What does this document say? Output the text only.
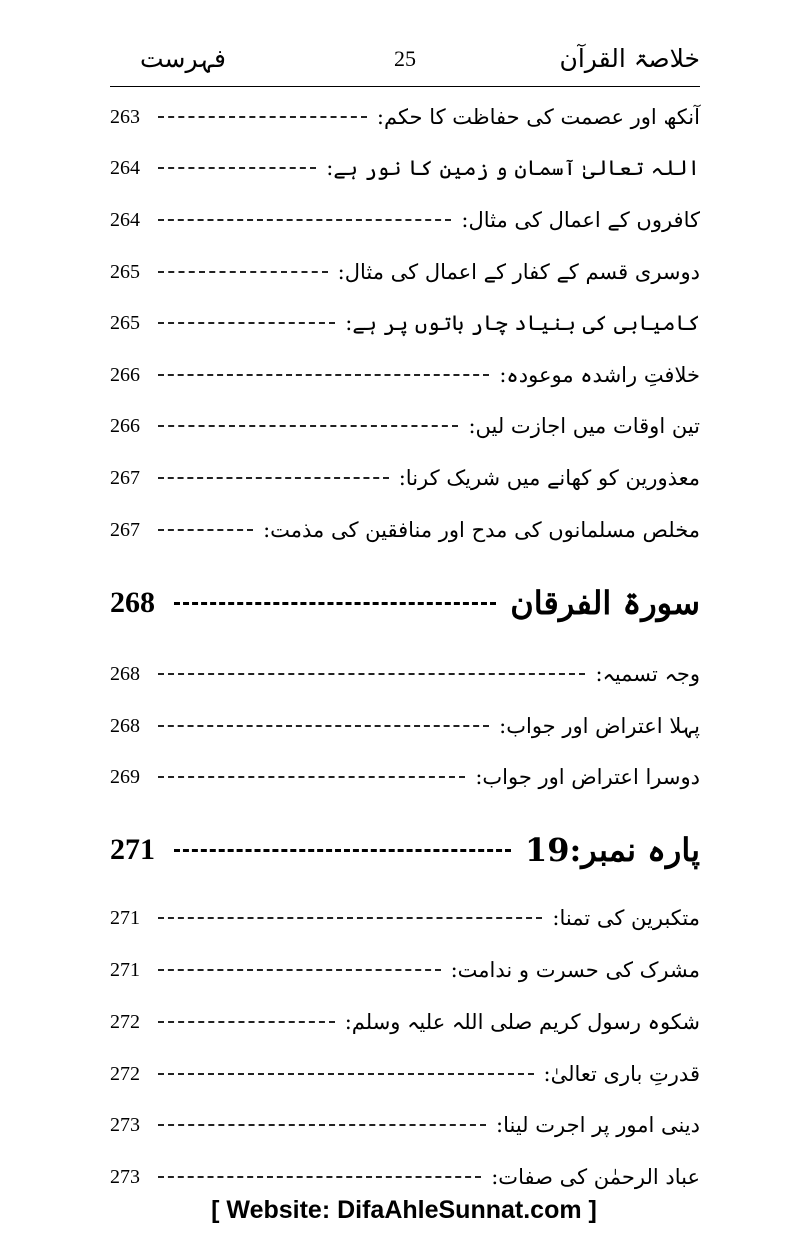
خلاصۃ القرآن
25
فہرست
آنکھ اور عصمت کی حفاظت کا حکم:
263
اللہ تعالیٰ آسمان و زمین کا نور ہے:
264
کافروں کے اعمال کی مثال:
264
دوسری قسم کے کفار کے اعمال کی مثال:
265
کامیابی کی بنیاد چار باتوں پر ہے:
265
خلافتِ راشدہ موعودہ:
266
تین اوقات میں اجازت لیں:
266
معذورین کو کھانے میں شریک کرنا:
267
مخلص مسلمانوں کی مدح اور منافقین کی مذمت:
267
سورۃ الفرقان
268
وجہ تسمیہ:
268
پہلا اعتراض اور جواب:
268
دوسرا اعتراض اور جواب:
269
پارہ نمبر:19
271
متکبرین کی تمنا:
271
مشرک کی حسرت و ندامت:
271
شکوہ رسول کریم صلی اللہ علیہ وسلم:
272
قدرتِ باری تعالیٰ:
272
دینی امور پر اجرت لینا:
273
عباد الرحمٰن کی صفات:
273
[ Website: DifaAhleSunnat.com ]
